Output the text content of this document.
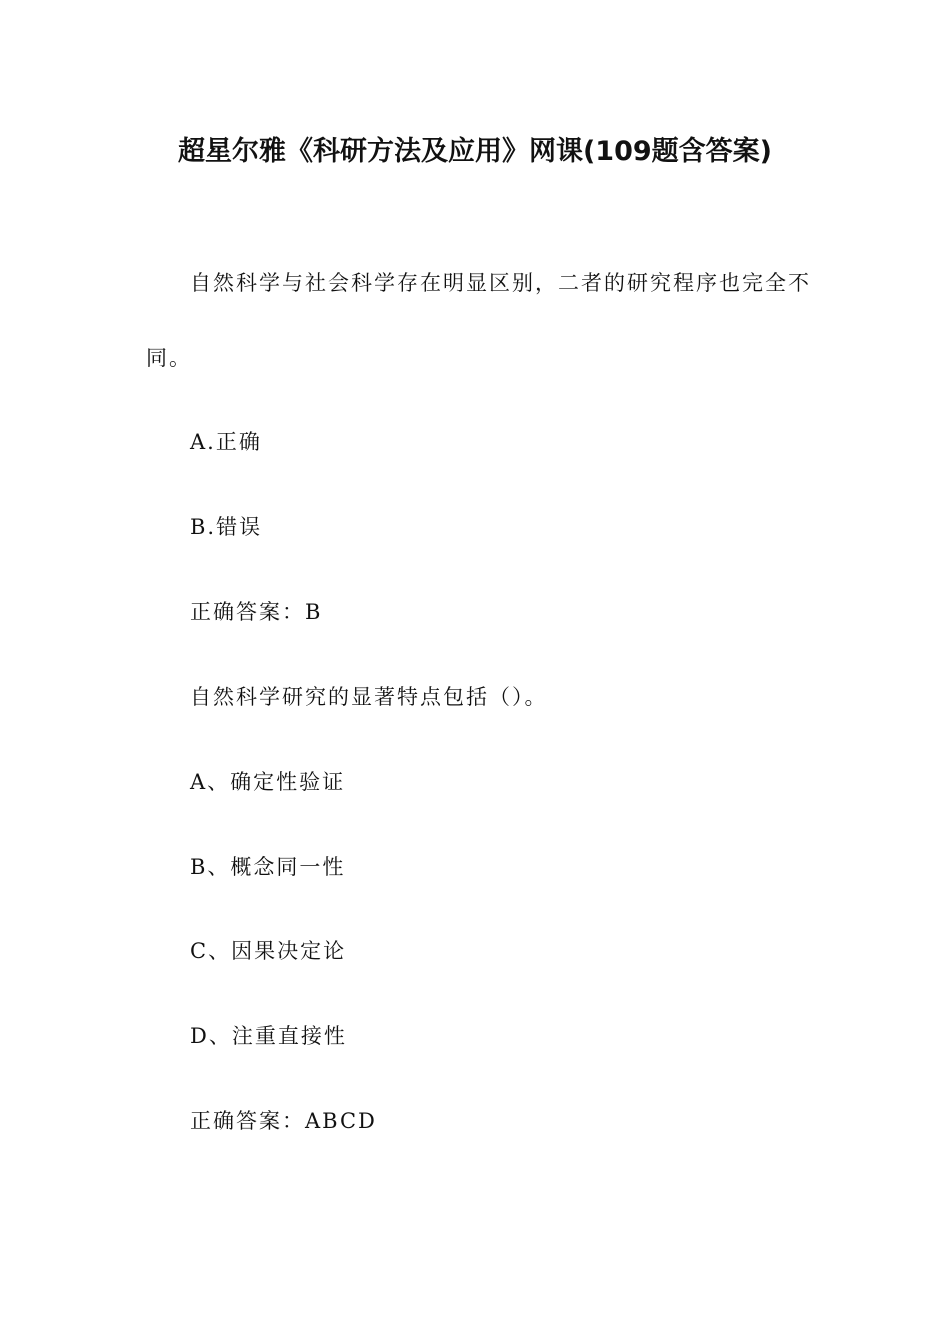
超星尔雅《科研方法及应用》网课(109题含答案)
自然科学与社会科学存在明显区别，二者的研究程序也完全不
同。
A.正确
B.错误
正确答案：B
自然科学研究的显著特点包括（）。
A、确定性验证
B、概念同一性
C、因果决定论
D、注重直接性
正确答案：ABCD
